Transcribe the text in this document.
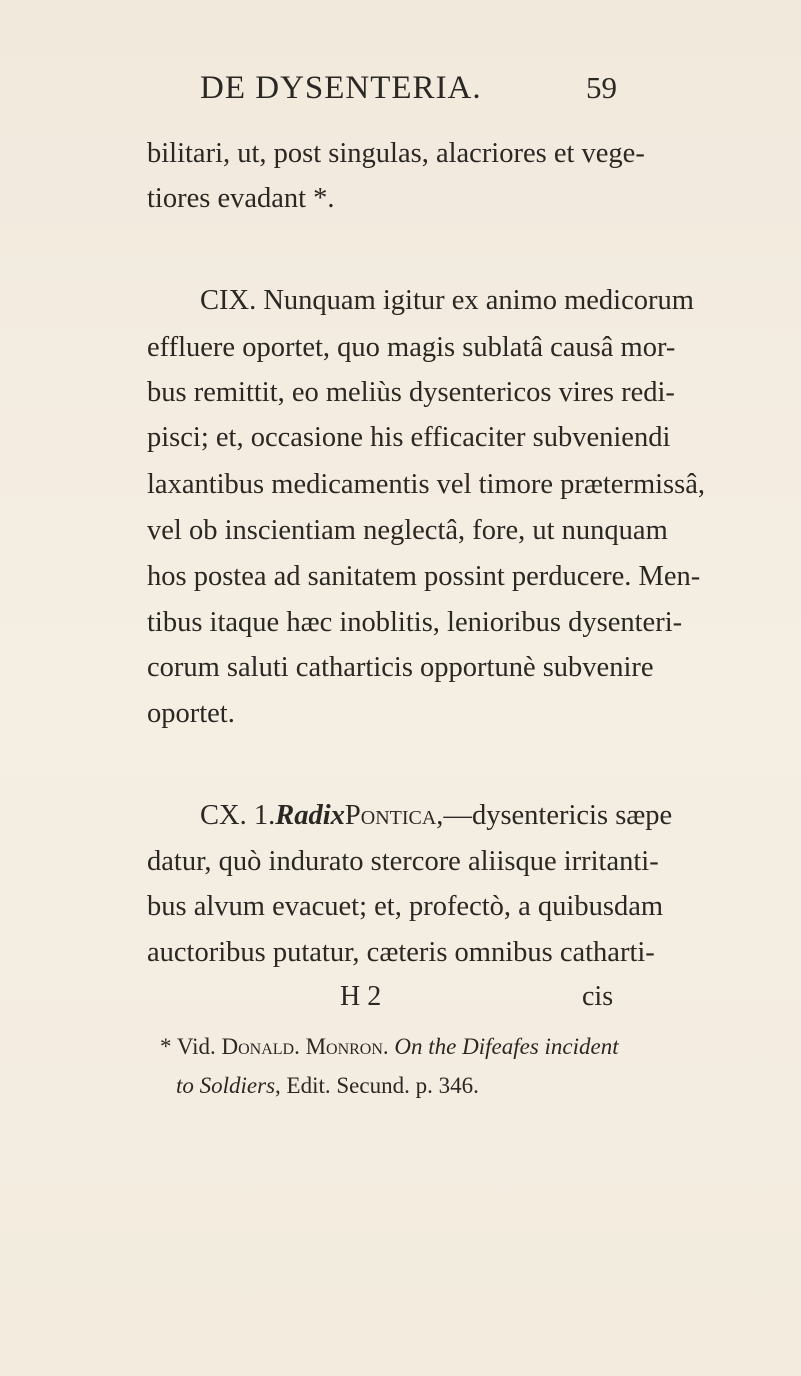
DE DYSENTERIA.	59
bilitari, ut, post singulas, alacriores et vege-
tiores evadant *.
CIX. Nunquam igitur ex animo medicorum
effluere oportet, quo magis sublatâ causâ mor-
bus remittit, eo meliùs dysentericos vires redi-
pisci; et, occasione his efficaciter subveniendi
laxantibus medicamentis vel timore prætermissâ,
vel ob inscientiam neglectâ, fore, ut nunquam
hos postea ad sanitatem possint perducere. Men-
tibus itaque hæc inoblitis, lenioribus dysenteri-
corum saluti catharticis opportunè subvenire
oportet.
CX. 1. Radix Pontica, —dysentericis sæpe
datur, quò indurato stercore aliisque irritanti-
bus alvum evacuet; et, profectò, a quibusdam
auctoribus putatur, cæteris omnibus catharti-
H 2	cis
* Vid. Donald. Monron. On the Difeafes incident
to Soldiers, Edit. Secund. p. 346.
